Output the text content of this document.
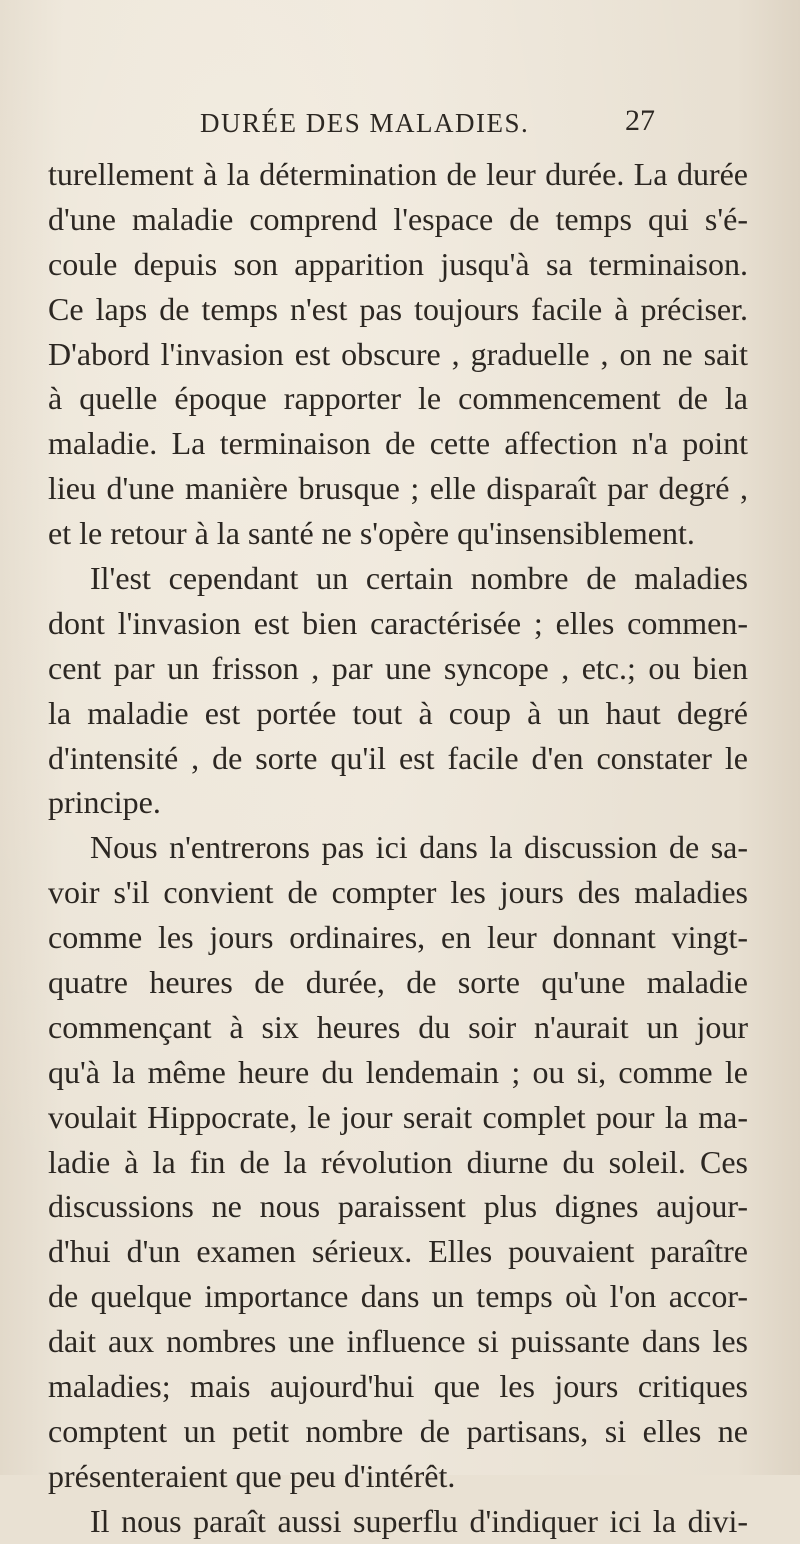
DURÉE DES MALADIES.	27
turellement à la détermination de leur durée. La durée
d'une maladie comprend l'espace de temps qui s'é-
coule depuis son apparition jusqu'à sa terminaison.
Ce laps de temps n'est pas toujours facile à préciser.
D'abord l'invasion est obscure , graduelle , on ne sait
à quelle époque rapporter le commencement de la
maladie. La terminaison de cette affection n'a point
lieu d'une manière brusque ; elle disparaît par degré ,
et le retour à la santé ne s'opère qu'insensiblement.
Il'est cependant un certain nombre de maladies
dont l'invasion est bien caractérisée ; elles commen-
cent par un frisson , par une syncope , etc.; ou bien
la maladie est portée tout à coup à un haut degré
d'intensité , de sorte qu'il est facile d'en constater le
principe.
Nous n'entrerons pas ici dans la discussion de sa-
voir s'il convient de compter les jours des maladies
comme les jours ordinaires, en leur donnant vingt-
quatre heures de durée, de sorte qu'une maladie
commençant à six heures du soir n'aurait un jour
qu'à la même heure du lendemain ; ou si, comme le
voulait Hippocrate, le jour serait complet pour la ma-
ladie à la fin de la révolution diurne du soleil. Ces
discussions ne nous paraissent plus dignes aujour-
d'hui d'un examen sérieux. Elles pouvaient paraître
de quelque importance dans un temps où l'on accor-
dait aux nombres une influence si puissante dans les
maladies; mais aujourd'hui que les jours critiques
comptent un petit nombre de partisans, si elles ne
présenteraient que peu d'intérêt.
Il nous paraît aussi superflu d'indiquer ici la divi-
